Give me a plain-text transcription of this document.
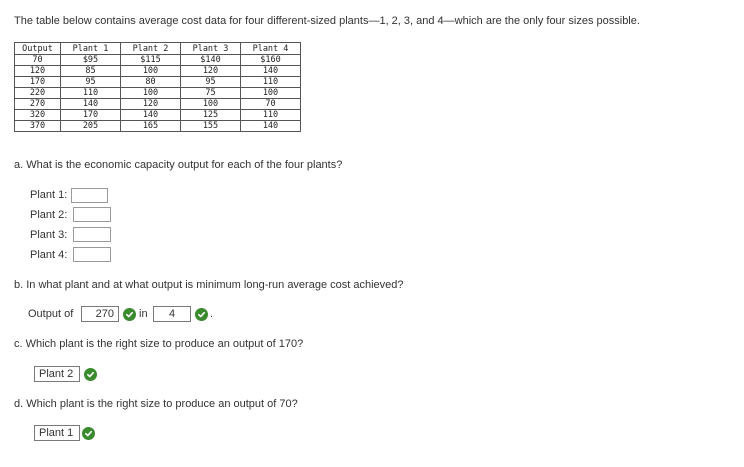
The table below contains average cost data for four different-sized plants—1, 2, 3, and 4—which are the only four sizes possible.
Output	Plant 1	Plant 2	Plant 3	Plant 4
70	$95	$115	$140	$160
120	85	100	120	140
170	95	80	95	110
220	110	100	75	100
270	140	120	100	70
320	170	140	125	110
370	205	165	155	140
a. What is the economic capacity output for each of the four plants?
Plant 1:
Plant 2:
Plant 3:
Plant 4:
b. In what plant and at what output is minimum long-run average cost achieved?
Output of	270	in	4	.
c. Which plant is the right size to produce an output of 170?
Plant 2
d. Which plant is the right size to produce an output of 70?
Plant 1
